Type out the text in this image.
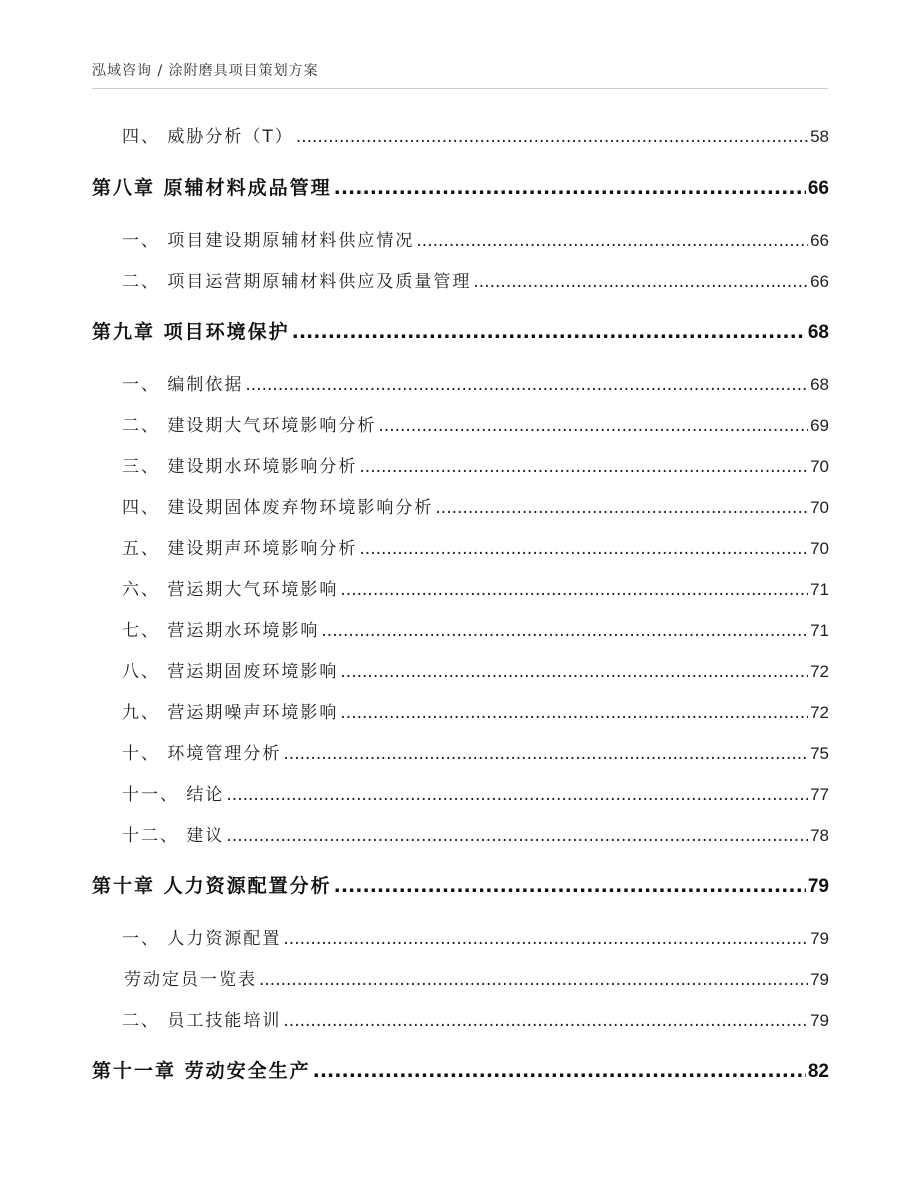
泓域咨询 / 涂附磨具项目策划方案
四、 威胁分析（T） .....	58
第八章 原辅材料成品管理 .....	66
一、 项目建设期原辅材料供应情况 .....	66
二、 项目运营期原辅材料供应及质量管理 .....	66
第九章 项目环境保护 .....	68
一、 编制依据 .....	68
二、 建设期大气环境影响分析 .....	69
三、 建设期水环境影响分析 .....	70
四、 建设期固体废弃物环境影响分析 .....	70
五、 建设期声环境影响分析 .....	70
六、 营运期大气环境影响 .....	71
七、 营运期水环境影响 .....	71
八、 营运期固废环境影响 .....	72
九、 营运期噪声环境影响 .....	72
十、 环境管理分析 .....	75
十一、 结论 .....	77
十二、 建议 .....	78
第十章 人力资源配置分析 .....	79
一、 人力资源配置 .....	79
劳动定员一览表 .....	79
二、 员工技能培训 .....	79
第十一章 劳动安全生产 .....	82
